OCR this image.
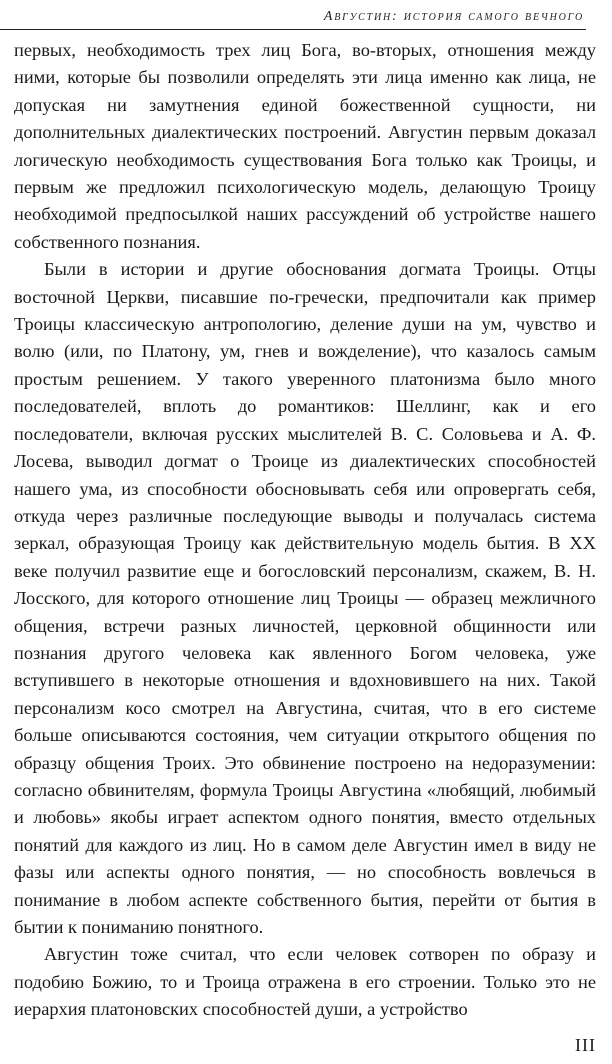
Августин: история самого вечного

первых, необходимость трех лиц Бога, во-вторых, отношения между ними, которые бы позволили определять эти лица именно как лица, не допуская ни замутнения единой божественной сущности, ни дополнительных диалектических построений. Августин первым доказал логическую необходимость существования Бога только как Троицы, и первым же предложил психологическую модель, делающую Троицу необходимой предпосылкой наших рассуждений об устройстве нашего собственного познания.

Были в истории и другие обоснования догмата Троицы. Отцы восточной Церкви, писавшие по-гречески, предпочитали как пример Троицы классическую антропологию, деление души на ум, чувство и волю (или, по Платону, ум, гнев и вожделение), что казалось самым простым решением. У такого уверенного платонизма было много последователей, вплоть до романтиков: Шеллинг, как и его последователи, включая русских мыслителей В. С. Соловьева и А. Ф. Лосева, выводил догмат о Троице из диалектических способностей нашего ума, из способности обосновывать себя или опровергать себя, откуда через различные последующие выводы и получалась система зеркал, образующая Троицу как действительную модель бытия. В XX веке получил развитие еще и богословский персонализм, скажем, В. Н. Лосского, для которого отношение лиц Троицы — образец межличного общения, встречи разных личностей, церковной общинности или познания другого человека как явленного Богом человека, уже вступившего в некоторые отношения и вдохновившего на них. Такой персонализм косо смотрел на Августина, считая, что в его системе больше описываются состояния, чем ситуации открытого общения по образцу общения Троих. Это обвинение построено на недоразумении: согласно обвинителям, формула Троицы Августина «любящий, любимый и любовь» якобы играет аспектом одного понятия, вместо отдельных понятий для каждого из лиц. Но в самом деле Августин имел в виду не фазы или аспекты одного понятия, — но способность вовлечься в понимание в любом аспекте собственного бытия, перейти от бытия в бытии к пониманию понятного.

Августин тоже считал, что если человек сотворен по образу и подобию Божию, то и Троица отражена в его строении. Только это не иерархия платоновских способностей души, а устройство

III
